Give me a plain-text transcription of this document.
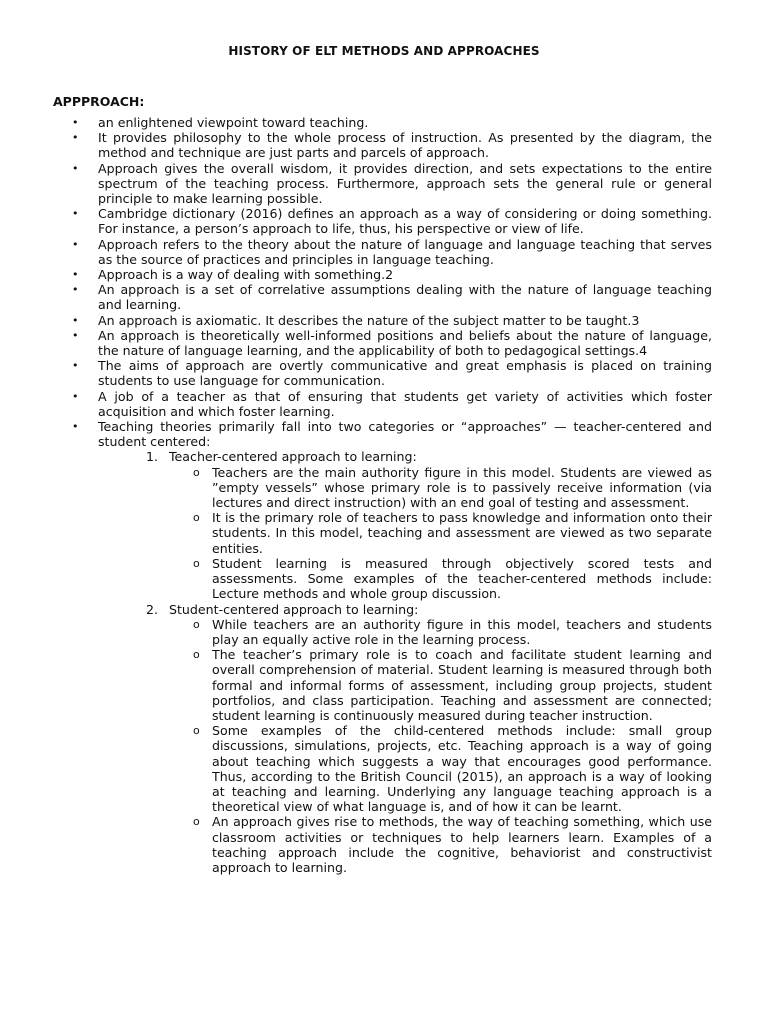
HISTORY OF ELT METHODS AND APPROACHES
APPPROACH:
• an enlightened viewpoint toward teaching.
• It provides philosophy to the whole process of instruction. As presented by the diagram, the method and technique are just parts and parcels of approach.
• Approach gives the overall wisdom, it provides direction, and sets expectations to the entire spectrum of the teaching process. Furthermore, approach sets the general rule or general principle to make learning possible.
• Cambridge dictionary (2016) defines an approach as a way of considering or doing something. For instance, a person’s approach to life, thus, his perspective or view of life.
• Approach refers to the theory about the nature of language and language teaching that serves as the source of practices and principles in language teaching.
• Approach is a way of dealing with something.2
• An approach is a set of correlative assumptions dealing with the nature of language teaching and learning.
• An approach is axiomatic. It describes the nature of the subject matter to be taught.3
• An approach is theoretically well-informed positions and beliefs about the nature of language, the nature of language learning, and the applicability of both to pedagogical settings.4
• The aims of approach are overtly communicative and great emphasis is placed on training students to use language for communication.
• A job of a teacher as that of ensuring that students get variety of activities which foster acquisition and which foster learning.
• Teaching theories primarily fall into two categories or “approaches” — teacher-centered and student centered:
1. Teacher-centered approach to learning:
o Teachers are the main authority figure in this model. Students are viewed as ”empty vessels” whose primary role is to passively receive information (via lectures and direct instruction) with an end goal of testing and assessment.
o It is the primary role of teachers to pass knowledge and information onto their students. In this model, teaching and assessment are viewed as two separate entities.
o Student learning is measured through objectively scored tests and assessments. Some examples of the teacher-centered methods include: Lecture methods and whole group discussion.
2. Student-centered approach to learning:
o While teachers are an authority figure in this model, teachers and students play an equally active role in the learning process.
o The teacher’s primary role is to coach and facilitate student learning and overall comprehension of material. Student learning is measured through both formal and informal forms of assessment, including group projects, student portfolios, and class participation. Teaching and assessment are connected; student learning is continuously measured during teacher instruction.
o Some examples of the child-centered methods include: small group discussions, simulations, projects, etc. Teaching approach is a way of going about teaching which suggests a way that encourages good performance. Thus, according to the British Council (2015), an approach is a way of looking at teaching and learning. Underlying any language teaching approach is a theoretical view of what language is, and of how it can be learnt.
o An approach gives rise to methods, the way of teaching something, which use classroom activities or techniques to help learners learn. Examples of a teaching approach include the cognitive, behaviorist and constructivist approach to learning.
